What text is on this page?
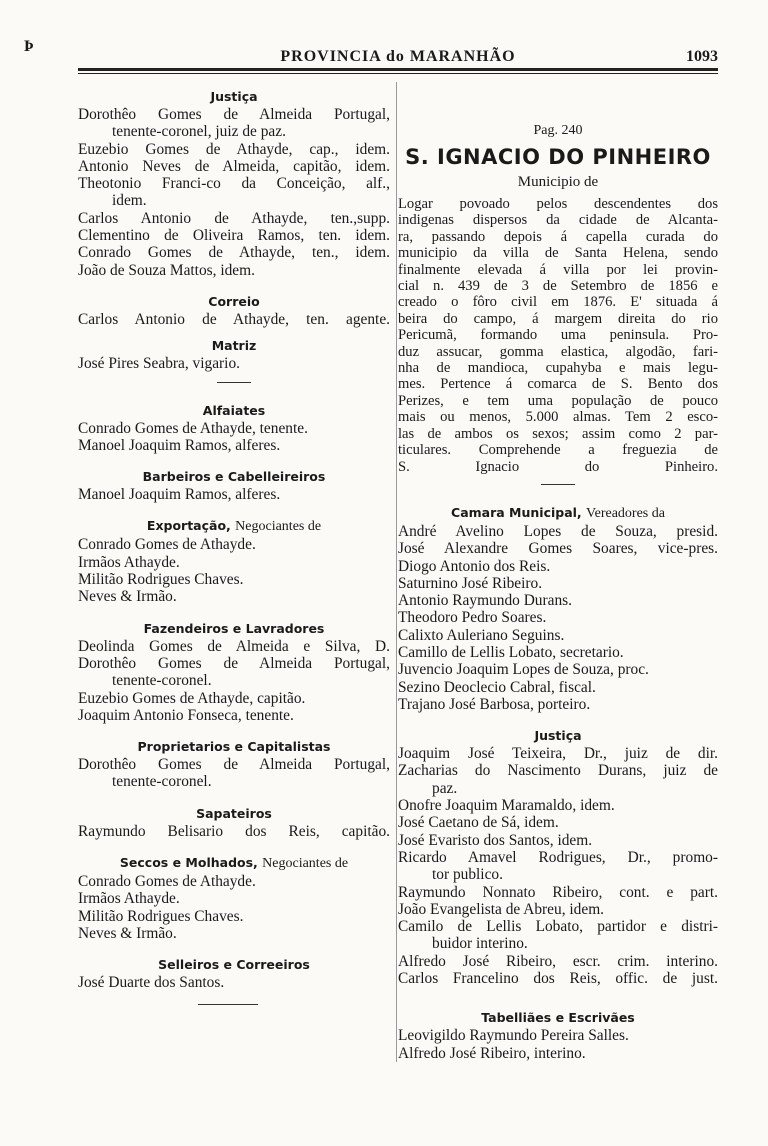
Þ
PROVINCIA do MARANHÃO	1093
Justiça
Dorothêo Gomes de Almeida Portugal,
tenente-coronel, juiz de paz.
Euzebio Gomes de Athayde, cap., idem.
Antonio Neves de Almeida, capitão, idem.
Theotonio Franci-co da Conceição, alf.,
idem.
Carlos Antonio de Athayde, ten.,supp.
Clementino de Oliveira Ramos, ten. idem.
Conrado Gomes de Athayde, ten., idem.
João de Souza Mattos, idem.
Correio
Carlos Antonio de Athayde, ten. agente.
Matriz
José Pires Seabra, vigario.
Alfaiates
Conrado Gomes de Athayde, tenente.
Manoel Joaquim Ramos, alferes.
Barbeiros e Cabelleireiros
Manoel Joaquim Ramos, alferes.
Exportação, Negociantes de
Conrado Gomes de Athayde.
Irmãos Athayde.
Militão Rodrigues Chaves.
Neves & Irmão.
Fazendeiros e Lavradores
Deolinda Gomes de Almeida e Silva, D.
Dorothêo Gomes de Almeida Portugal,
tenente-coronel.
Euzebio Gomes de Athayde, capitão.
Joaquim Antonio Fonseca, tenente.
Proprietarios e Capitalistas
Dorothêo Gomes de Almeida Portugal,
tenente-coronel.
Sapateiros
Raymundo Belisario dos Reis, capitão.
Seccos e Molhados, Negociantes de
Conrado Gomes de Athayde.
Irmãos Athayde.
Militão Rodrigues Chaves.
Neves & Irmão.
Selleiros e Correeiros
José Duarte dos Santos.
Pag. 240
S. IGNACIO DO PINHEIRO
Municipio de
Logar povoado pelos descendentes dos
indigenas dispersos da cidade de Alcanta-
ra, passando depois á capella curada do
municipio da villa de Santa Helena, sendo
finalmente elevada á villa por lei provin-
cial n. 439 de 3 de Setembro de 1856 e
creado o fôro civil em 1876. E' situada á
beira do campo, á margem direita do rio
Pericumã, formando uma peninsula. Pro-
duz assucar, gomma elastica, algodão, fari-
nha de mandioca, cupahyba e mais legu-
mes. Pertence á comarca de S. Bento dos
Perizes, e tem uma população de pouco
mais ou menos, 5.000 almas. Tem 2 esco-
las de ambos os sexos; assim como 2 par-
ticulares. Comprehende a freguezia de
S. Ignacio do Pinheiro.
Camara Municipal, Vereadores da
André Avelino Lopes de Souza, presid.
José Alexandre Gomes Soares, vice-pres.
Diogo Antonio dos Reis.
Saturnino José Ribeiro.
Antonio Raymundo Durans.
Theodoro Pedro Soares.
Calixto Auleriano Seguins.
Camillo de Lellis Lobato, secretario.
Juvencio Joaquim Lopes de Souza, proc.
Sezino Deoclecio Cabral, fiscal.
Trajano José Barbosa, porteiro.
Justiça
Joaquim José Teixeira, Dr., juiz de dir.
Zacharias do Nascimento Durans, juiz de
paz.
Onofre Joaquim Maramaldo, idem.
José Caetano de Sá, idem.
José Evaristo dos Santos, idem.
Ricardo Amavel Rodrigues, Dr., promo-
tor publico.
Raymundo Nonnato Ribeiro, cont. e part.
João Evangelista de Abreu, idem.
Camilo de Lellis Lobato, partidor e distri-
buidor interino.
Alfredo José Ribeiro, escr. crim. interino.
Carlos Francelino dos Reis, offic. de just.
Tabelliães e Escrivães
Leovigildo Raymundo Pereira Salles.
Alfredo José Ribeiro, interino.
